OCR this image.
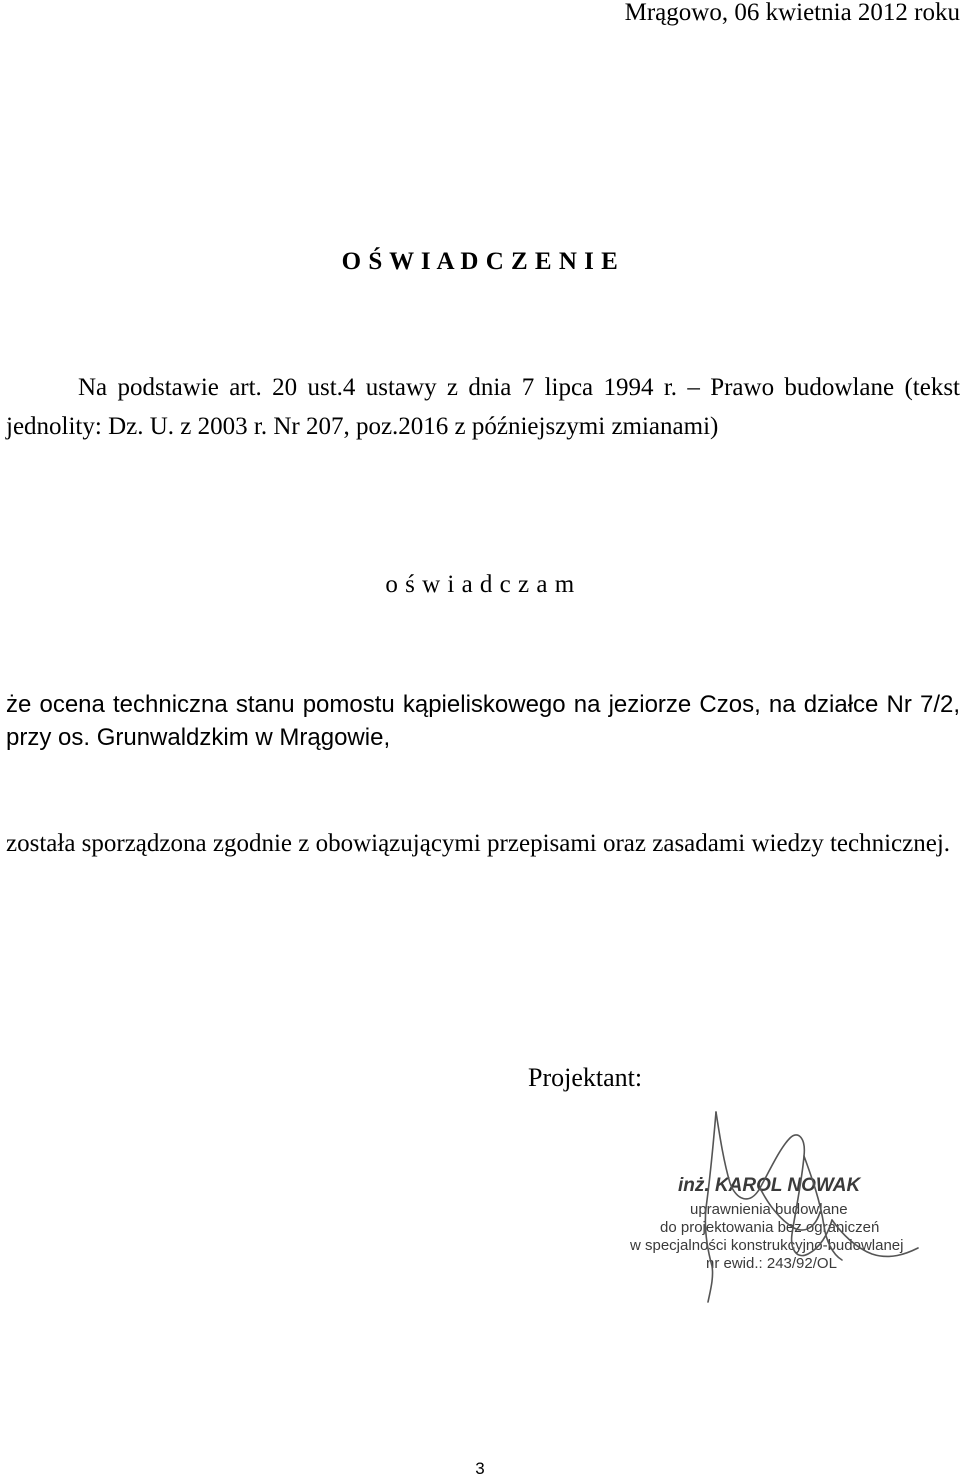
Mrągowo, 06 kwietnia 2012 roku
O Ś W I A D C Z E N I E
Na podstawie art. 20 ust.4 ustawy z dnia 7 lipca 1994 r. – Prawo budowlane (tekst jednolity: Dz. U. z 2003 r. Nr 207, poz.2016 z późniejszymi zmianami)
o ś w i a d c z a m
że ocena techniczna stanu pomostu kąpieliskowego na jeziorze Czos, na działce Nr 7/2, przy os. Grunwaldzkim w Mrągowie,
została sporządzona zgodnie z obowiązującymi przepisami oraz zasadami wiedzy technicznej.
Projektant:
inż. KAROL NOWAK
uprawnienia budowlane
do projektowania bez ograniczeń
w specjalności konstrukcyjno-budowlanej
nr ewid.: 243/92/OL
3
